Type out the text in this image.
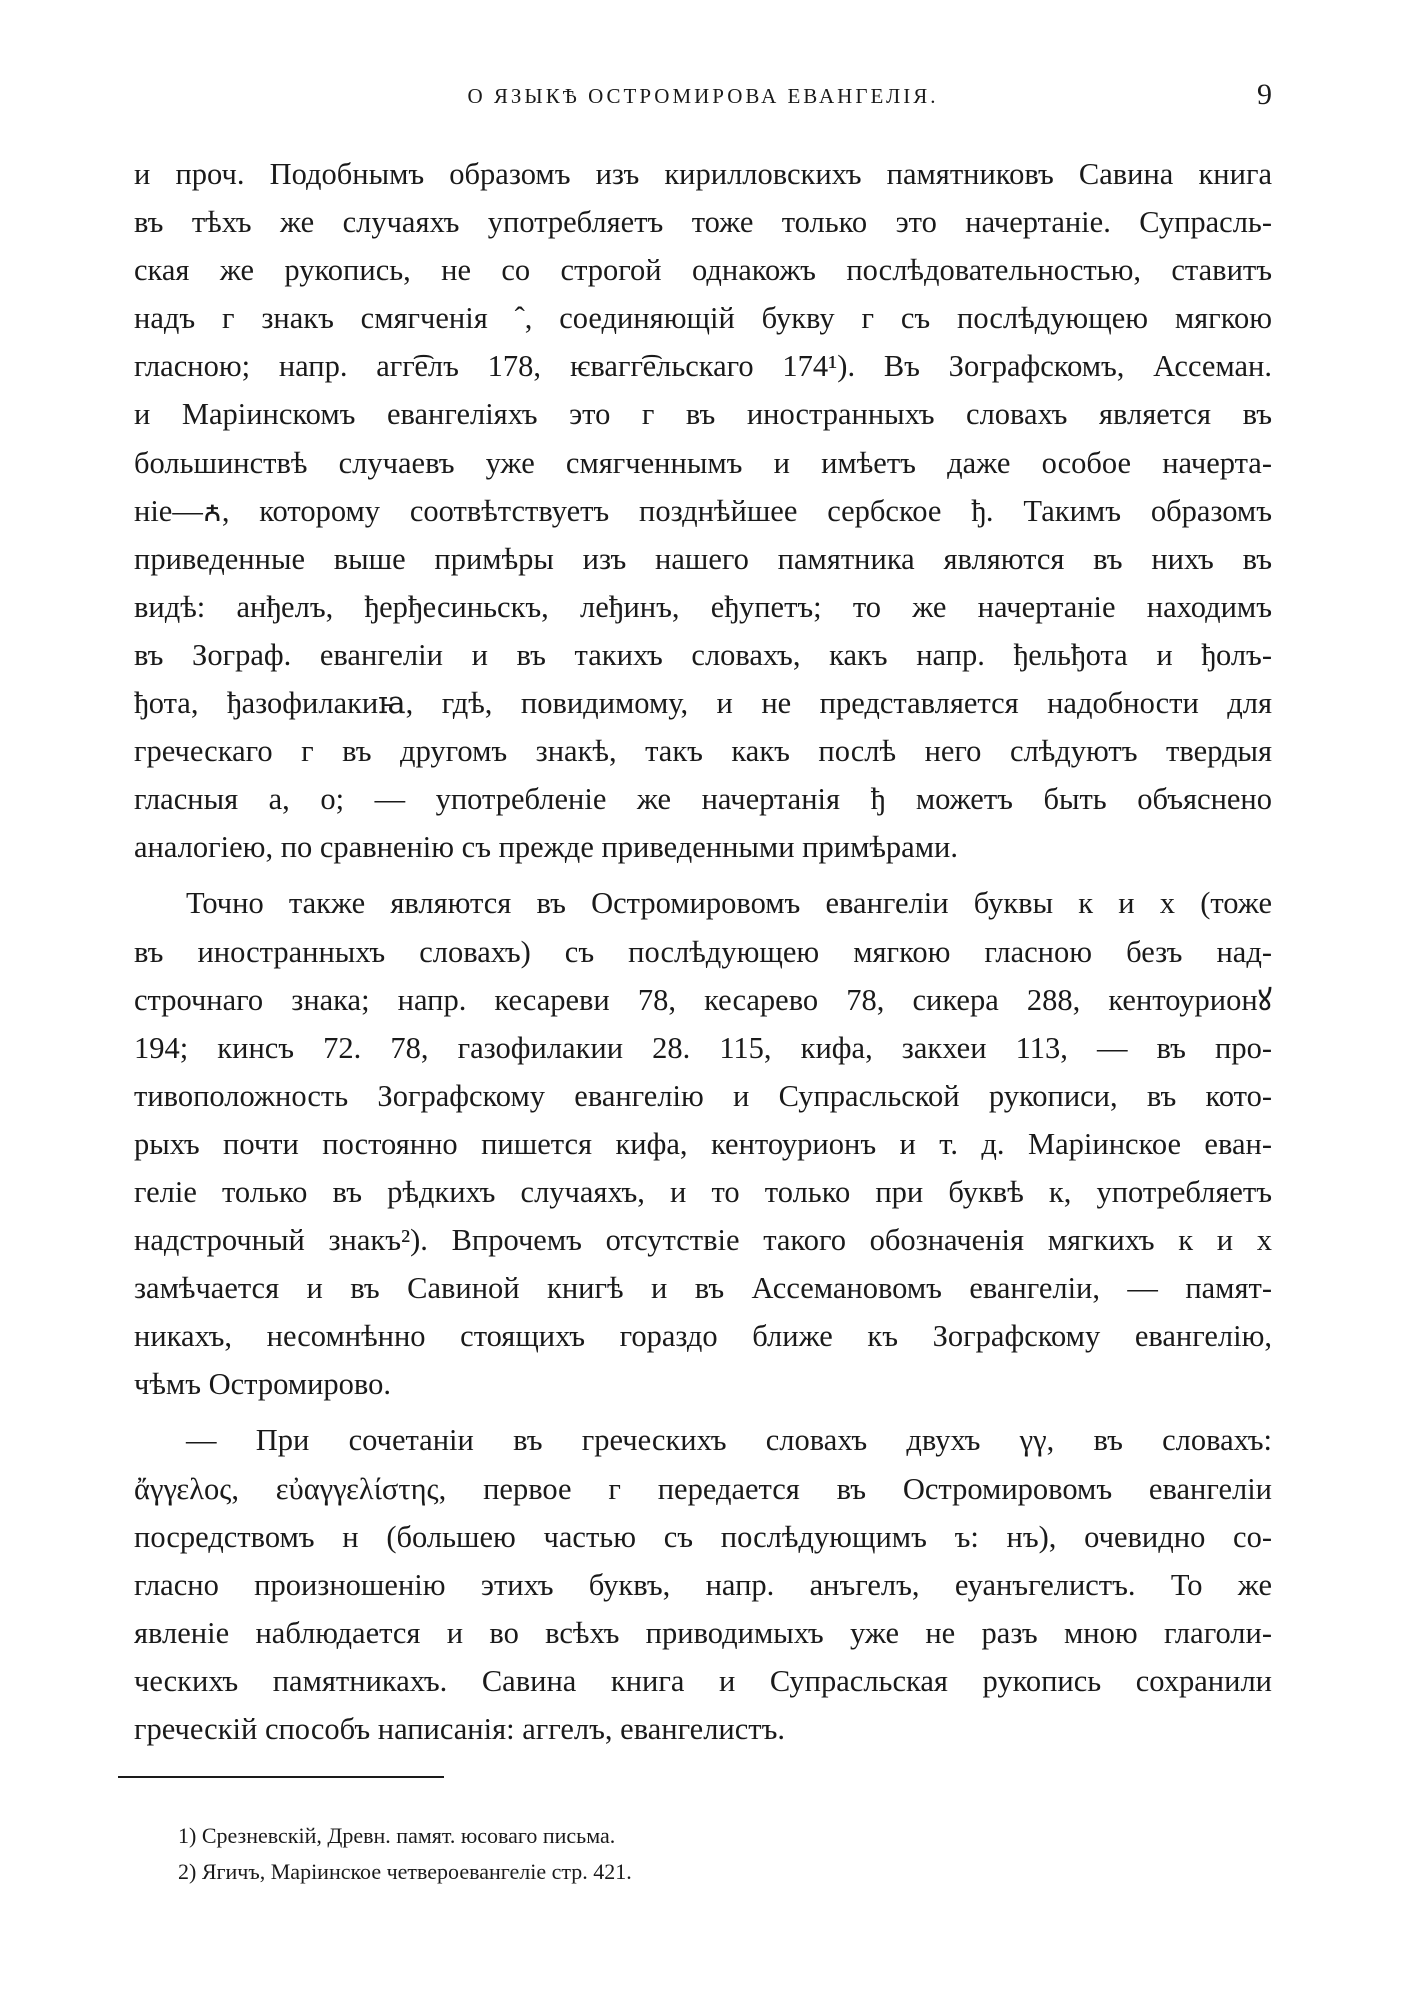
О ЯЗЫКѢ ОСТРОМИРОВА ЕВАНГЕЛІЯ.	9

и проч. Подобнымъ образомъ изъ кирилловскихъ памятниковъ Савина книга
въ тѣхъ же случаяхъ употребляетъ тоже только это начертаніе. Супрасль-
ская же рукопись, не со строгой однакожъ послѣдовательностью, ставитъ
надъ г знакъ смягченія ˆ, соединяющій букву г съ послѣдующею мягкою
гласною; напр. агг͡елъ 178, ѥвагг͡ельскаго 174¹). Въ Зографскомъ, Ассеман.
и Маріинскомъ евангеліяхъ это г въ иностранныхъ словахъ является въ
большинствѣ случаевъ уже смягченнымъ и имѣетъ даже особое начерта-
ніе—ꙉ, которому соотвѣтствуетъ позднѣйшее сербское ђ. Такимъ образомъ
приведенные выше примѣры изъ нашего памятника являются въ нихъ въ
видѣ: анђелъ, ђерђесиньскъ, леђинъ, еђупетъ; то же начертаніе находимъ
въ Зограф. евангеліи и въ такихъ словахъ, какъ напр. ђельђота и ђолъ-
ђота, ђазофилакиꙗ, гдѣ, повидимому, и не представляется надобности для
греческаго г въ другомъ знакѣ, такъ какъ послѣ него слѣдуютъ твердыя
гласныя а, о; — употребленіе же начертанія ђ можетъ быть объяснено
аналогіею, по сравненію съ прежде приведенными примѣрами.

Точно также являются въ Остромировомъ евангеліи буквы к и х (тоже
въ иностранныхъ словахъ) съ послѣдующею мягкою гласною безъ над-
строчнаго знака; напр. кесареви 78, кесарево 78, сикера 288, кентоурионꙋ
194; кинсъ 72. 78, газофилакии 28. 115, кифа, закхеи 113, — въ про-
тивоположность Зографскому евангелію и Супрасльской рукописи, въ кото-
рыхъ почти постоянно пишется кифа, кентоурионъ и т. д. Маріинское еван-
геліе только въ рѣдкихъ случаяхъ, и то только при буквѣ к, употребляетъ
надстрочный знакъ²). Впрочемъ отсутствіе такого обозначенія мягкихъ к и х
замѣчается и въ Савиной книгѣ и въ Ассемановомъ евангеліи, — памят-
никахъ, несомнѣнно стоящихъ гораздо ближе къ Зографскому евангелію,
чѣмъ Остромирово.

— При сочетаніи въ греческихъ словахъ двухъ γγ, въ словахъ:
ἄγγελος, εὐαγγελίστης, первое г передается въ Остромировомъ евангеліи
посредствомъ н (большею частью съ послѣдующимъ ъ: нъ), очевидно со-
гласно произношенію этихъ буквъ, напр. анъгелъ, еуанъгелистъ. То же
явленіе наблюдается и во всѣхъ приводимыхъ уже не разъ мною глаголи-
ческихъ памятникахъ. Савина книга и Супрасльская рукопись сохранили
греческій способъ написанія: аггелъ, евангелистъ.

1) Срезневскій, Древн. памят. юсоваго письма.
2) Ягичъ, Маріинское четвероевангеліе стр. 421.
